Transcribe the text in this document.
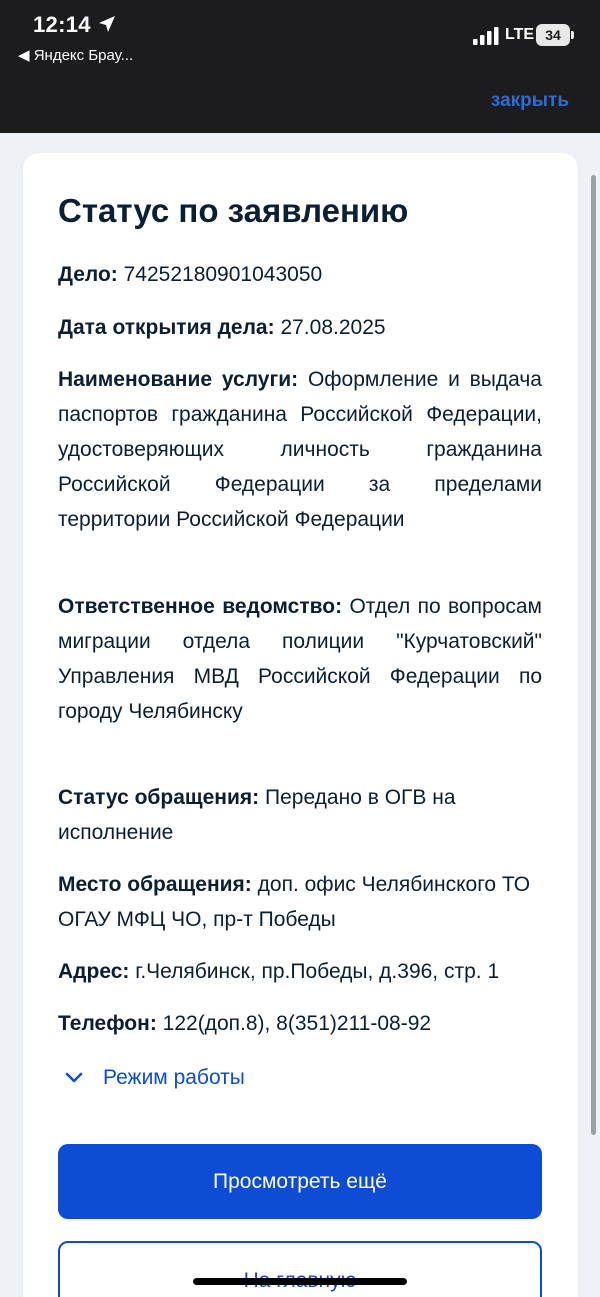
12:14
◀ Яндекс Брау...
LTE 34
закрыть
Статус по заявлению
Дело: 74252180901043050
Дата открытия дела: 27.08.2025
Наименование услуги: Оформление и выдача паспортов гражданина Российской Федерации, удостоверяющих личность гражданина Российской Федерации за пределами территории Российской Федерации
Ответственное ведомство: Отдел по вопросам миграции отдела полиции "Курчатовский" Управления МВД Российской Федерации по городу Челябинску
Статус обращения: Передано в ОГВ на исполнение
Место обращения: доп. офис Челябинского ТО ОГАУ МФЦ ЧО, пр-т Победы
Адрес: г.Челябинск, пр.Победы, д.396, стр. 1
Телефон: 122(доп.8), 8(351)211-08-92
Режим работы
Просмотреть ещё
